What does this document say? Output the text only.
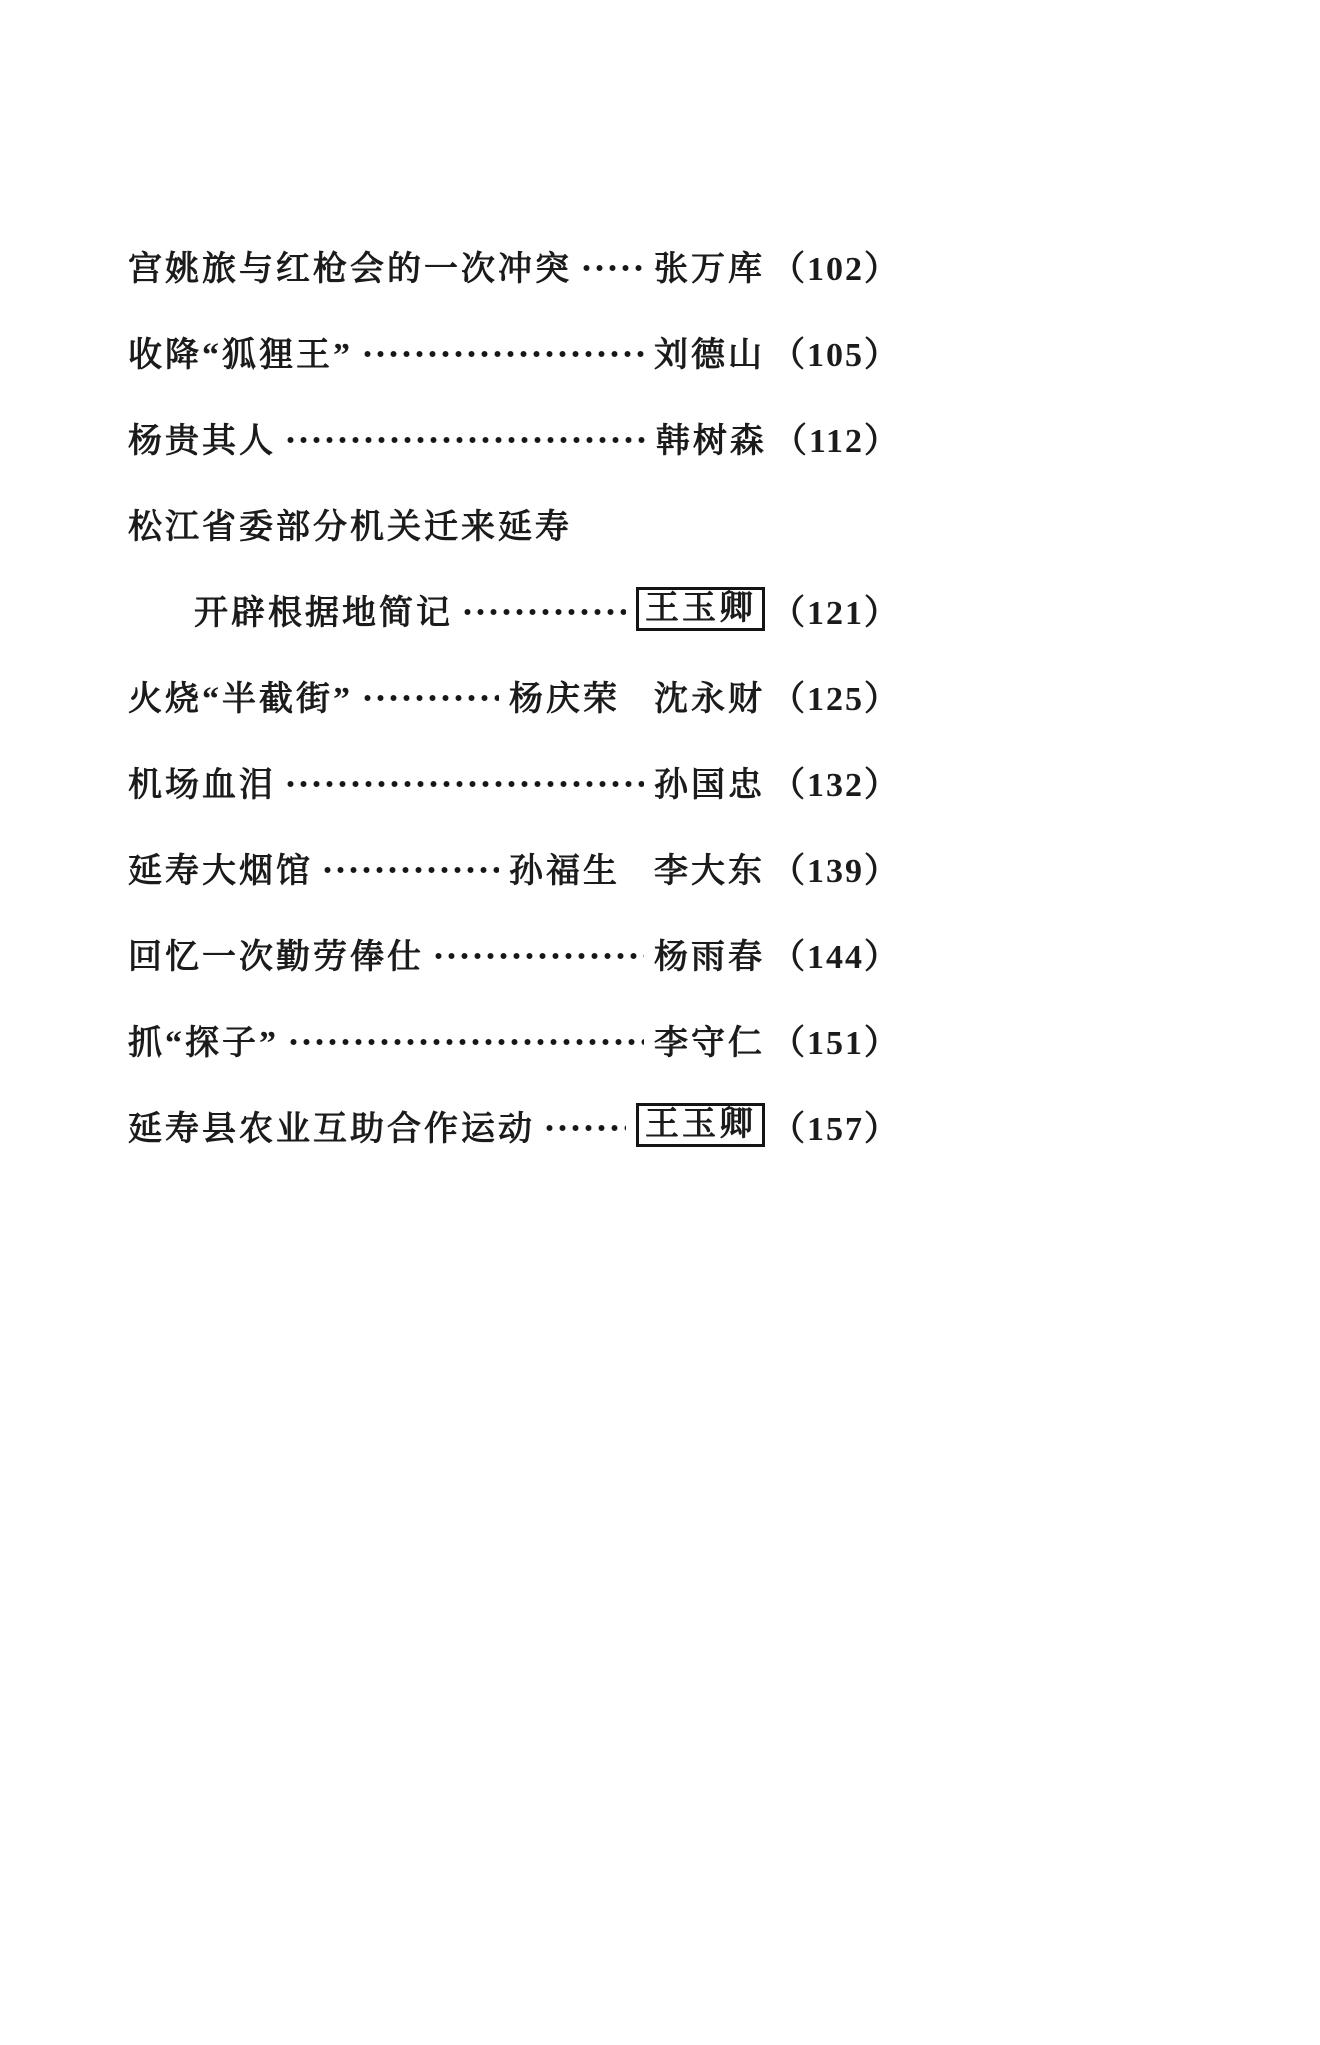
宫姚旅与红枪会的一次冲突 张万库 （102）
收降“狐狸王”	刘德山 （105）
杨贵其人	韩树森 （112）
松江省委部分机关迁来延寿
开辟根据地简记	王玉卿 （121）
火烧“半截街”	杨庆荣 沈永财 （125）
机场血泪	孙国忠 （132）
延寿大烟馆	孙福生 李大东 （139）
回忆一次勤劳俸仕	杨雨春 （144）
抓“探子”	李守仁 （151）
延寿县农业互助合作运动	王玉卿 （157）
